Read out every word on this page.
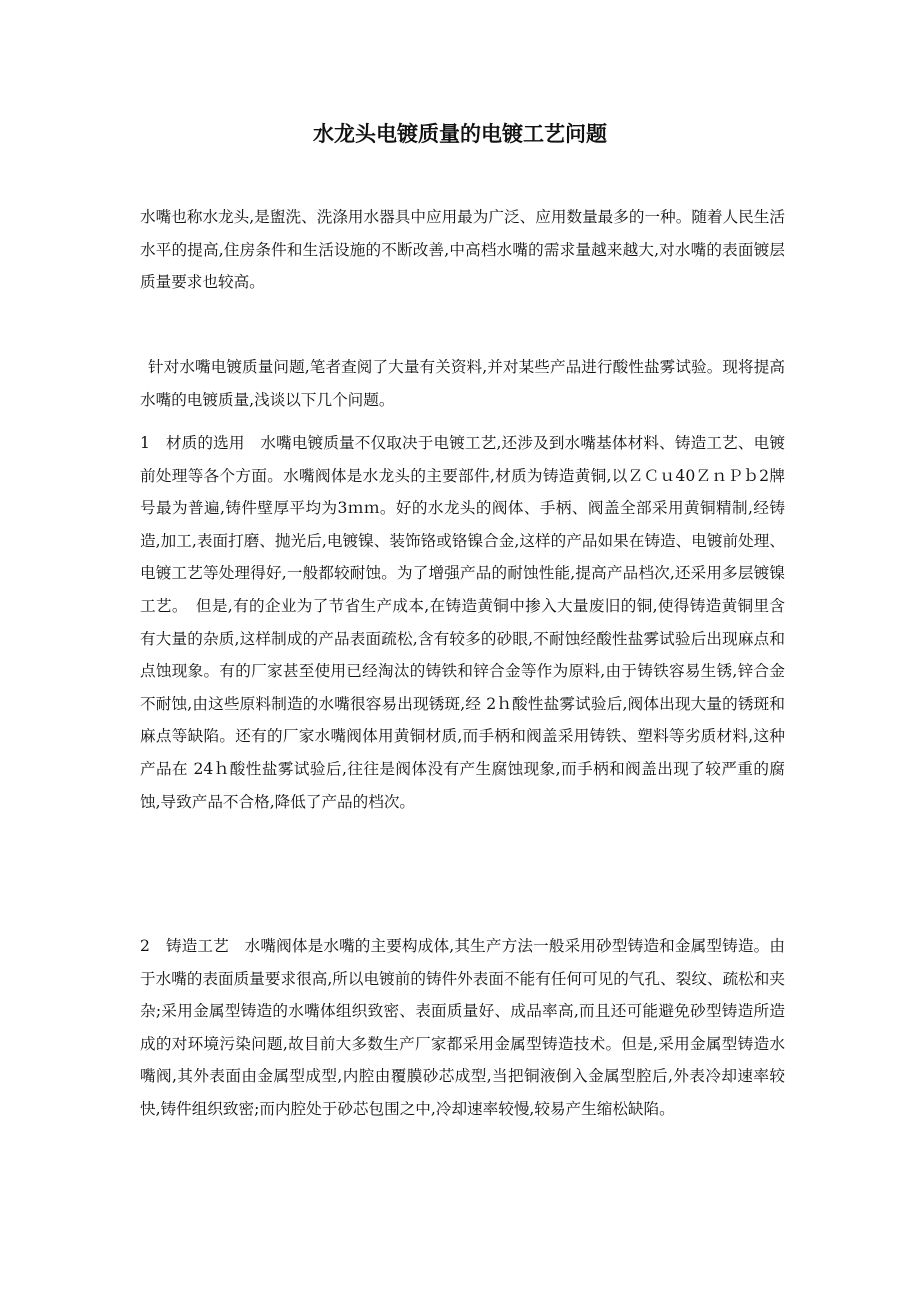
水龙头电镀质量的电镀工艺问题

水嘴也称水龙头,是盥洗、洗涤用水器具中应用最为广泛、应用数量最多的一种。随着人民生活水平的提高,住房条件和生活设施的不断改善,中高档水嘴的需求量越来越大,对水嘴的表面镀层质量要求也较高。

针对水嘴电镀质量问题,笔者查阅了大量有关资料,并对某些产品进行酸性盐雾试验。现将提高水嘴的电镀质量,浅谈以下几个问题。

1　材质的选用　水嘴电镀质量不仅取决于电镀工艺,还涉及到水嘴基体材料、铸造工艺、电镀前处理等各个方面。水嘴阀体是水龙头的主要部件,材质为铸造黄铜,以ＺＣｕ40ＺｎＰｂ2牌号最为普遍,铸件壁厚平均为3ｍｍ。好的水龙头的阀体、手柄、阀盖全部采用黄铜精制,经铸造,加工,表面打磨、抛光后,电镀镍、装饰铬或铬镍合金,这样的产品如果在铸造、电镀前处理、电镀工艺等处理得好,一般都较耐蚀。为了增强产品的耐蚀性能,提高产品档次,还采用多层镀镍工艺。　但是,有的企业为了节省生产成本,在铸造黄铜中掺入大量废旧的铜,使得铸造黄铜里含有大量的杂质,这样制成的产品表面疏松,含有较多的砂眼,不耐蚀经酸性盐雾试验后出现麻点和点蚀现象。有的厂家甚至使用已经淘汰的铸铁和锌合金等作为原料,由于铸铁容易生锈,锌合金不耐蚀,由这些原料制造的水嘴很容易出现锈斑,经 2ｈ酸性盐雾试验后,阀体出现大量的锈斑和麻点等缺陷。还有的厂家水嘴阀体用黄铜材质,而手柄和阀盖采用铸铁、塑料等劣质材料,这种产品在 24ｈ酸性盐雾试验后,往往是阀体没有产生腐蚀现象,而手柄和阀盖出现了较严重的腐蚀,导致产品不合格,降低了产品的档次。

2　铸造工艺　水嘴阀体是水嘴的主要构成体,其生产方法一般采用砂型铸造和金属型铸造。由于水嘴的表面质量要求很高,所以电镀前的铸件外表面不能有任何可见的气孔、裂纹、疏松和夹杂;采用金属型铸造的水嘴体组织致密、表面质量好、成品率高,而且还可能避免砂型铸造所造成的对环境污染问题,故目前大多数生产厂家都采用金属型铸造技术。但是,采用金属型铸造水嘴阀,其外表面由金属型成型,内腔由覆膜砂芯成型,当把铜液倒入金属型腔后,外表冷却速率较快,铸件组织致密;而内腔处于砂芯包围之中,冷却速率较慢,较易产生缩松缺陷。
